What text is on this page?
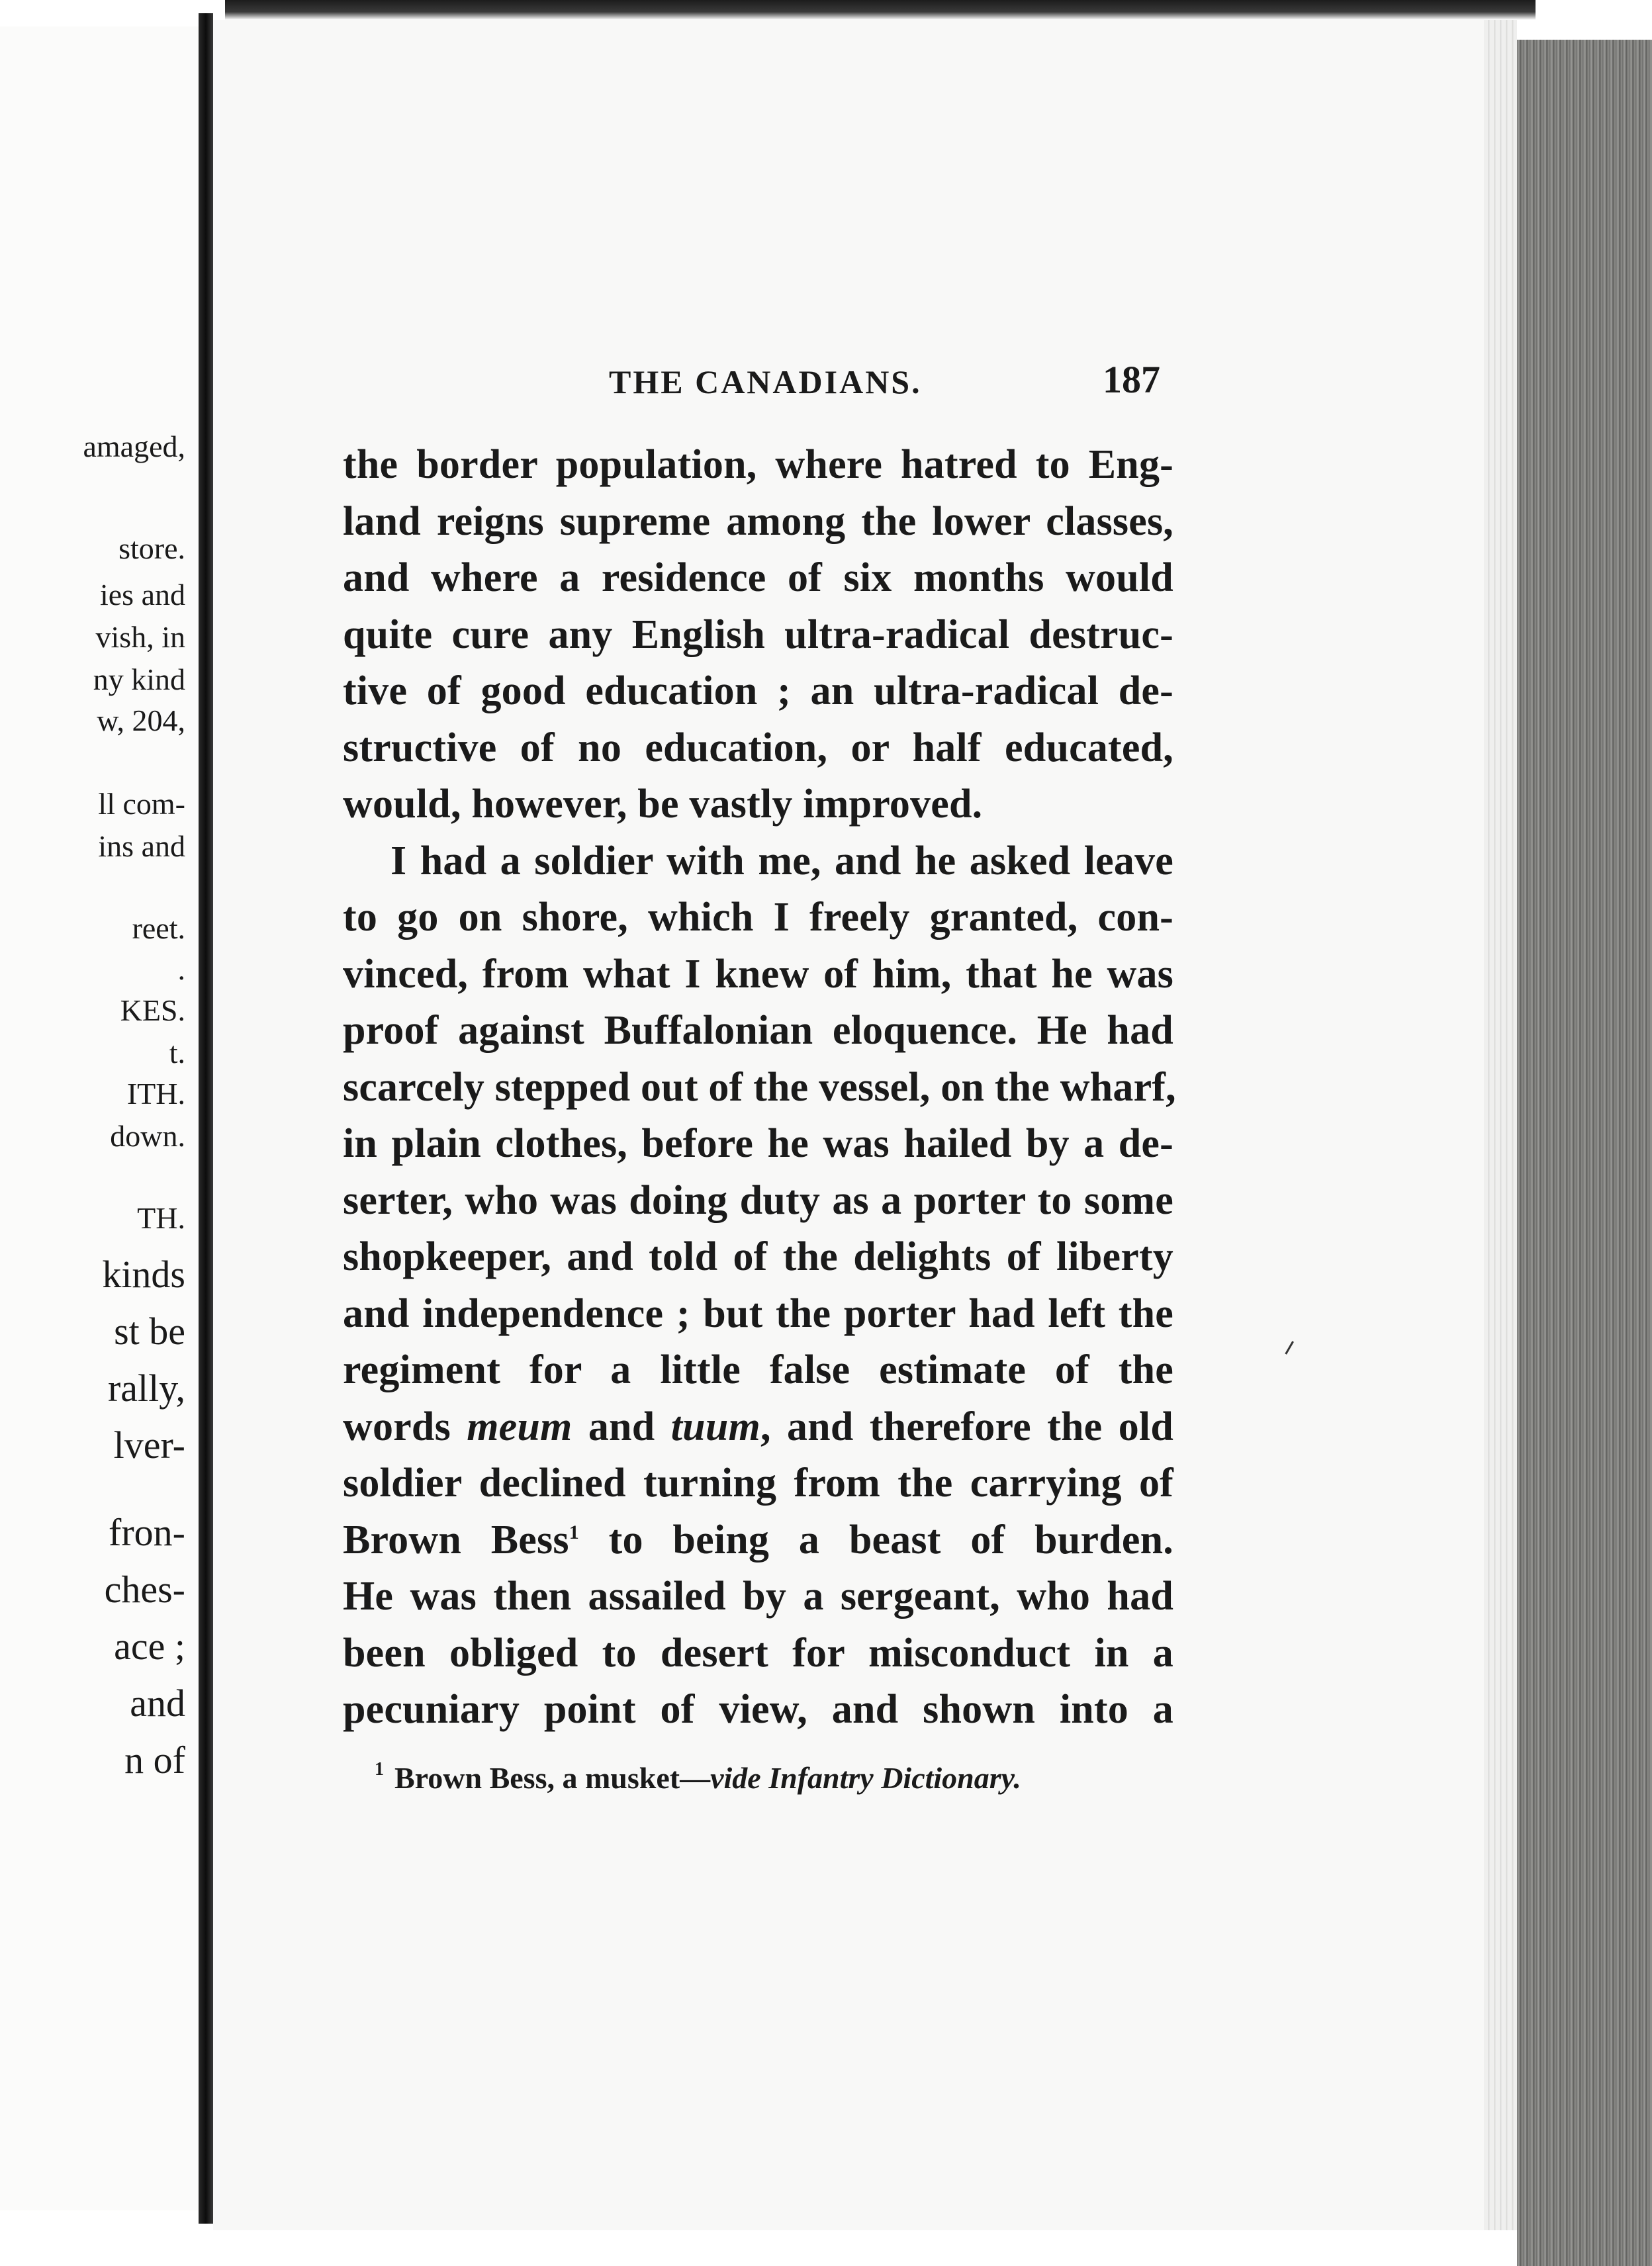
amaged,
store.
ies and
vish, in
ny kind
w, 204,
ll com-
ins and
reet.
.
KES.
t.
ITH.
down.
TH.
kinds
st be
rally,
lver-
fron-
ches-
ace ;
and
n of
THE CANADIANS.	187
the border population, where hatred to Eng-
land reigns supreme among the lower classes,
and where a residence of six months would
quite cure any English ultra-radical destruc-
tive of good education ; an ultra-radical de-
structive of no education, or half educated,
would, however, be vastly improved.
I had a soldier with me, and he asked leave
to go on shore, which I freely granted, con-
vinced, from what I knew of him, that he was
proof against Buffalonian eloquence. He had
scarcely stepped out of the vessel, on the wharf,
in plain clothes, before he was hailed by a de-
serter, who was doing duty as a porter to some
shopkeeper, and told of the delights of liberty
and independence ; but the porter had left the
regiment for a little false estimate of the
words meum and tuum, and therefore the old
soldier declined turning from the carrying of
Brown Bess$^1$ to being a beast of burden.
He was then assailed by a sergeant, who had
been obliged to desert for misconduct in a
pecuniary point of view, and shown into a
$^1$ Brown Bess, a musket—vide Infantry Dictionary.
